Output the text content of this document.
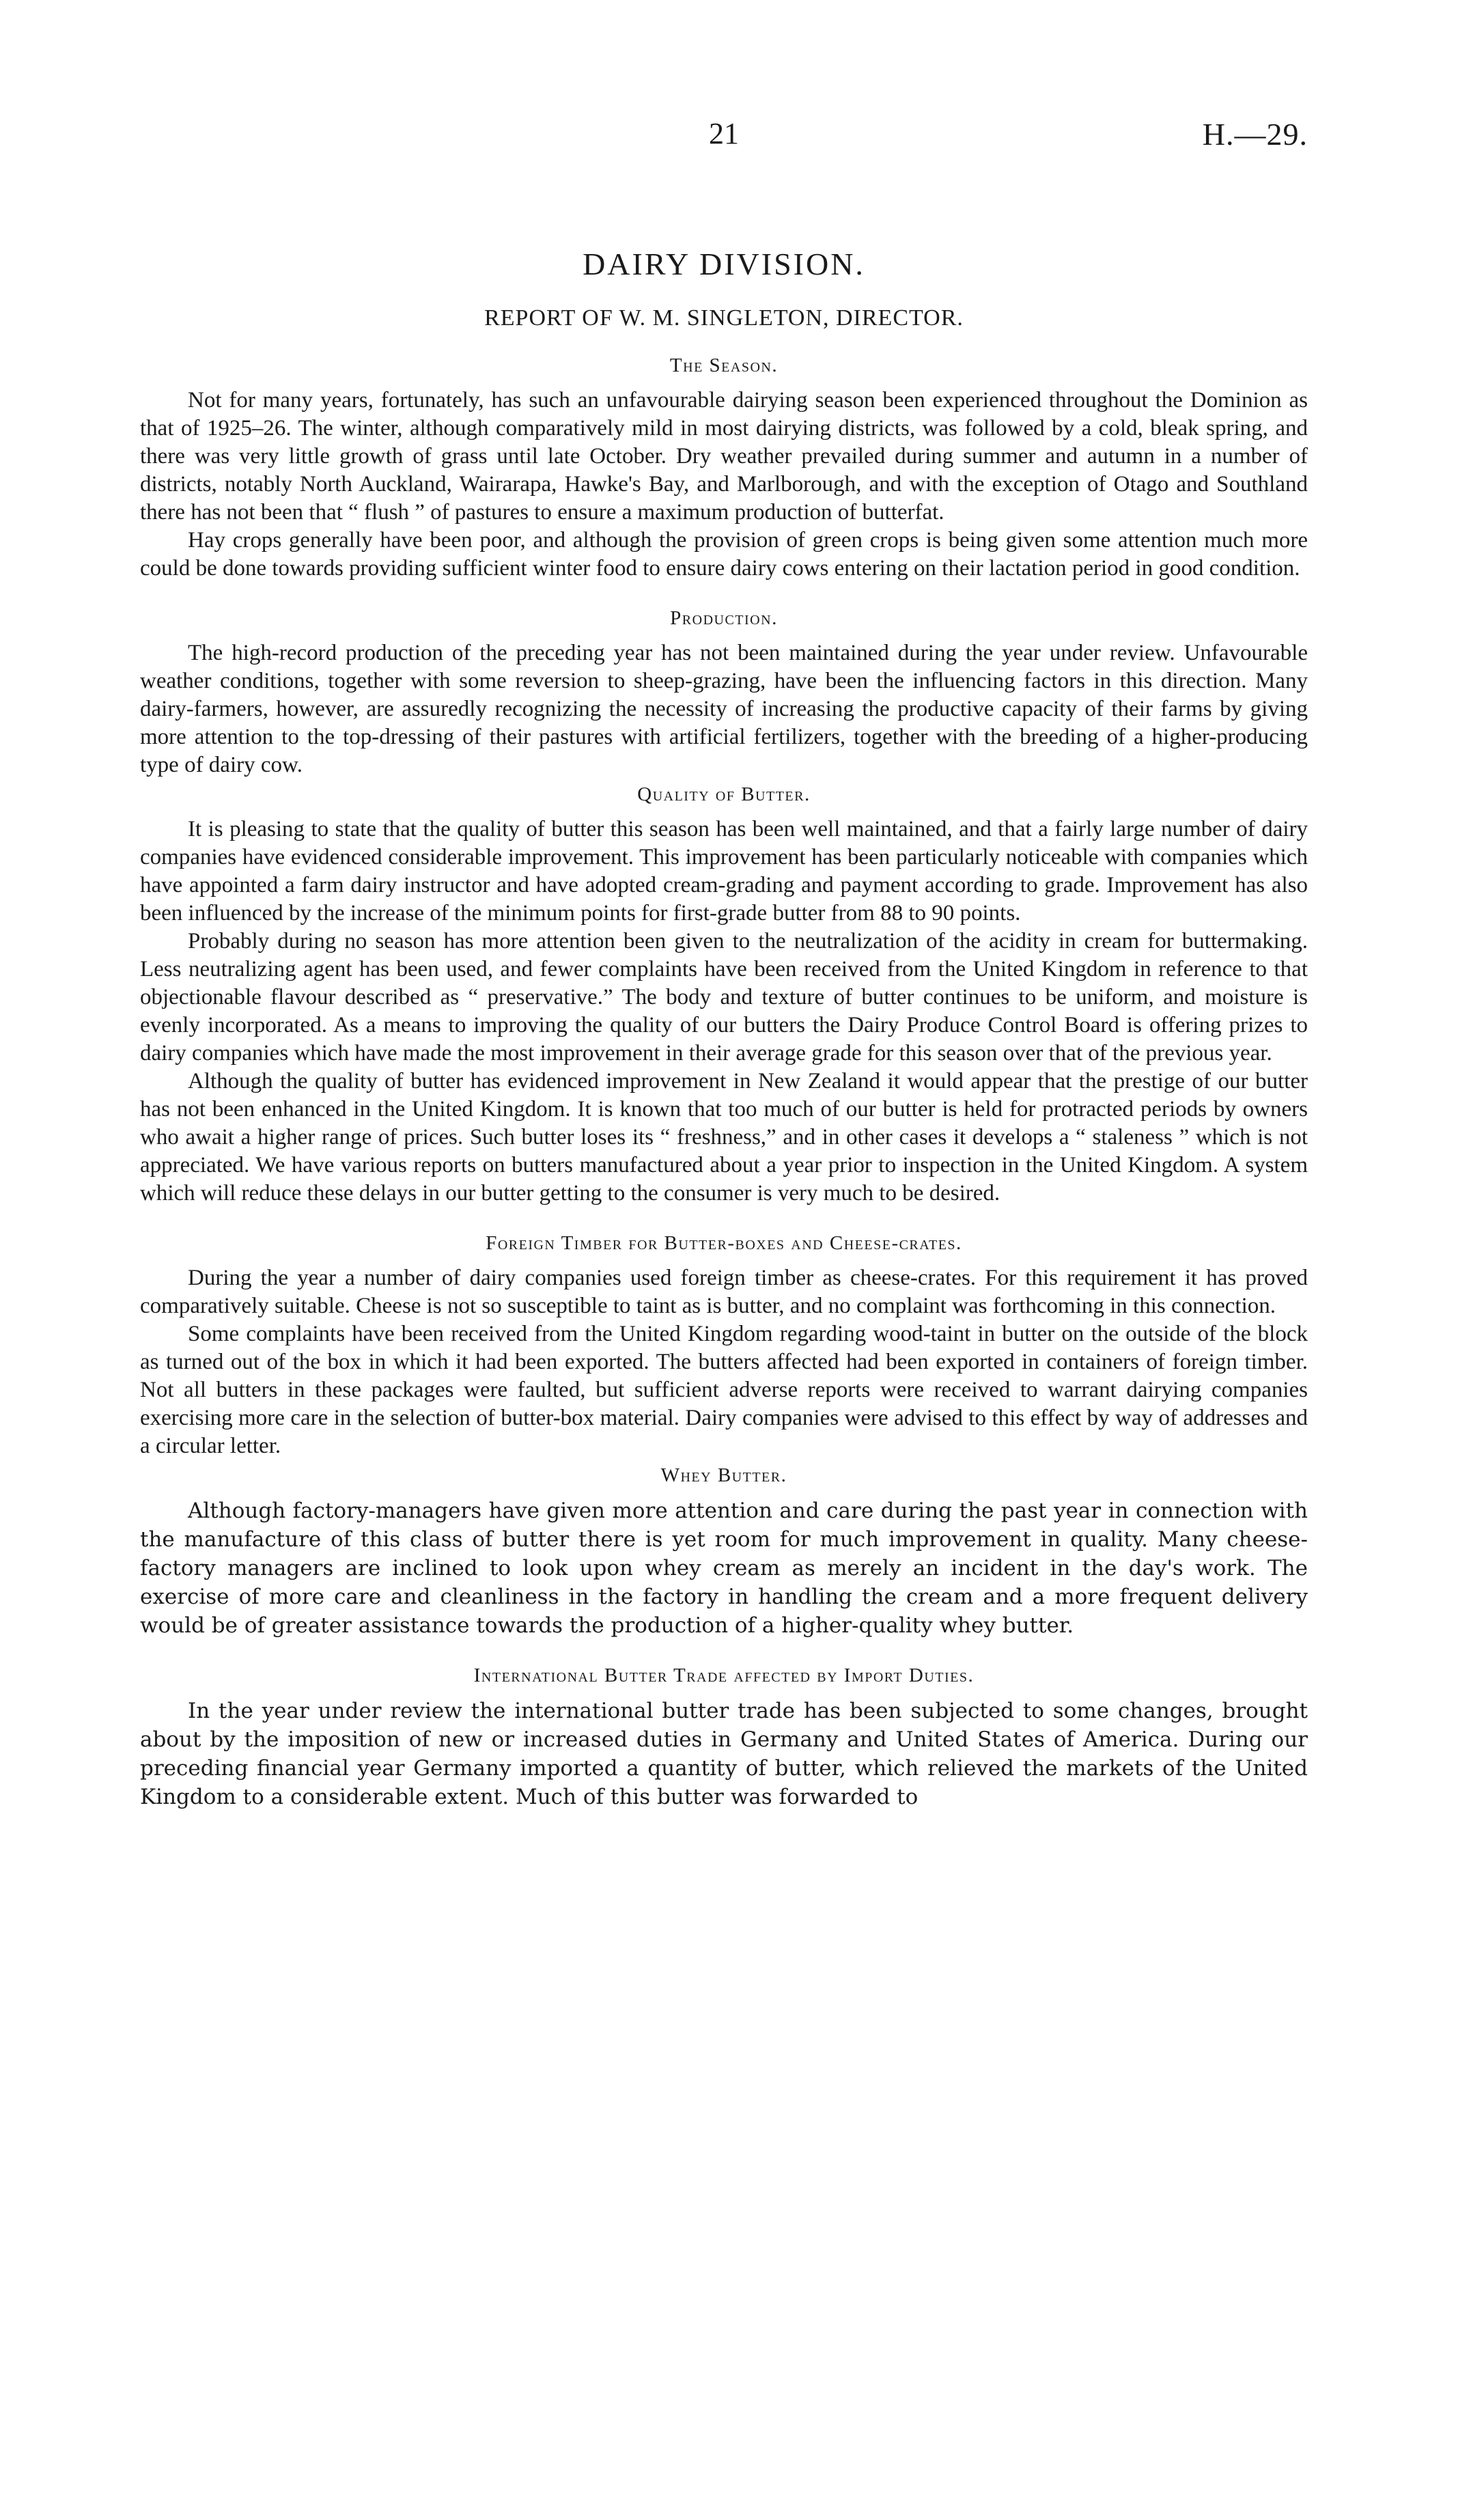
21	H.—29.
DAIRY DIVISION.
REPORT OF W. M. SINGLETON, DIRECTOR.
The Season.

Not for many years, fortunately, has such an unfavourable dairying season been experienced throughout the Dominion as that of 1925–26. The winter, although comparatively mild in most dairying districts, was followed by a cold, bleak spring, and there was very little growth of grass until late October. Dry weather prevailed during summer and autumn in a number of districts, notably North Auckland, Wairarapa, Hawke's Bay, and Marlborough, and with the exception of Otago and Southland there has not been that “ flush ” of pastures to ensure a maximum production of butterfat.

Hay crops generally have been poor, and although the provision of green crops is being given some attention much more could be done towards providing sufficient winter food to ensure dairy cows entering on their lactation period in good condition.

Production.

The high-record production of the preceding year has not been maintained during the year under review. Unfavourable weather conditions, together with some reversion to sheep-grazing, have been the influencing factors in this direction. Many dairy-farmers, however, are assuredly recognizing the necessity of increasing the productive capacity of their farms by giving more attention to the top-dressing of their pastures with artificial fertilizers, together with the breeding of a higher-producing type of dairy cow.

Quality of Butter.

It is pleasing to state that the quality of butter this season has been well maintained, and that a fairly large number of dairy companies have evidenced considerable improvement. This improvement has been particularly noticeable with companies which have appointed a farm dairy instructor and have adopted cream-grading and payment according to grade. Improvement has also been influenced by the increase of the minimum points for first-grade butter from 88 to 90 points.

Probably during no season has more attention been given to the neutralization of the acidity in cream for buttermaking. Less neutralizing agent has been used, and fewer complaints have been received from the United Kingdom in reference to that objectionable flavour described as “ preservative.” The body and texture of butter continues to be uniform, and moisture is evenly incorporated. As a means to improving the quality of our butters the Dairy Produce Control Board is offering prizes to dairy companies which have made the most improvement in their average grade for this season over that of the previous year.

Although the quality of butter has evidenced improvement in New Zealand it would appear that the prestige of our butter has not been enhanced in the United Kingdom. It is known that too much of our butter is held for protracted periods by owners who await a higher range of prices. Such butter loses its “ freshness,” and in other cases it develops a “ staleness ” which is not appreciated. We have various reports on butters manufactured about a year prior to inspection in the United Kingdom. A system which will reduce these delays in our butter getting to the consumer is very much to be desired.

Foreign Timber for Butter-boxes and Cheese-crates.

During the year a number of dairy companies used foreign timber as cheese-crates. For this requirement it has proved comparatively suitable. Cheese is not so susceptible to taint as is butter, and no complaint was forthcoming in this connection.

Some complaints have been received from the United Kingdom regarding wood-taint in butter on the outside of the block as turned out of the box in which it had been exported. The butters affected had been exported in containers of foreign timber. Not all butters in these packages were faulted, but sufficient adverse reports were received to warrant dairying companies exercising more care in the selection of butter-box material. Dairy companies were advised to this effect by way of addresses and a circular letter.

Whey Butter.

Although factory-managers have given more attention and care during the past year in connection with the manufacture of this class of butter there is yet room for much improvement in quality. Many cheese-factory managers are inclined to look upon whey cream as merely an incident in the day's work. The exercise of more care and cleanliness in the factory in handling the cream and a more frequent delivery would be of greater assistance towards the production of a higher-quality whey butter.

International Butter Trade affected by Import Duties.

In the year under review the international butter trade has been subjected to some changes, brought about by the imposition of new or increased duties in Germany and United States of America. During our preceding financial year Germany imported a quantity of butter, which relieved the markets of the United Kingdom to a considerable extent. Much of this butter was forwarded to
